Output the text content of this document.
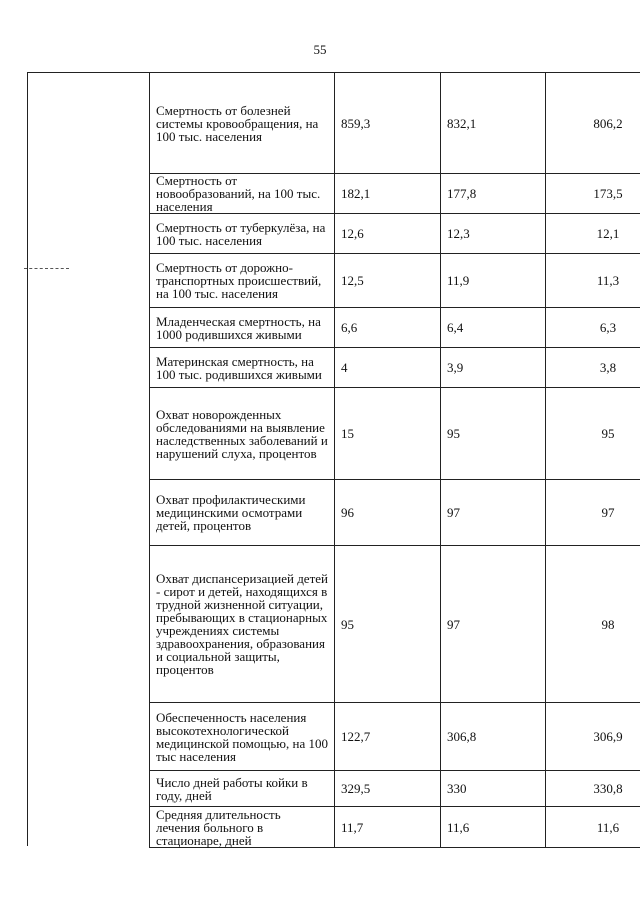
55
Смертность от болезней системы кровообращения, на 100 тыс. населения	859,3	832,1	806,2
Смертность от новообразований, на 100 тыс. населения	182,1	177,8	173,5
Смертность от туберкулёза, на 100 тыс. населения	12,6	12,3	12,1
Смертность от дорожно-транспортных происшествий, на 100 тыс. населения	12,5	11,9	11,3
Младенческая смертность, на 1000 родившихся живыми	6,6	6,4	6,3
Материнская смертность, на 100 тыс. родившихся живыми	4	3,9	3,8
Охват новорожденных обследованиями на выявление наследственных заболеваний и нарушений слуха, процентов	15	95	95
Охват профилактическими медицинскими осмотрами детей, процентов	96	97	97
Охват диспансеризацией детей - сирот и детей, находящихся в трудной жизненной ситуации, пребывающих в стационарных учреждениях системы здравоохранения, образования и социальной защиты, процентов	95	97	98
Обеспеченность населения высокотехнологической медицинской помощью, на 100 тыс населения	122,7	306,8	306,9
Число дней работы койки в году, дней	329,5	330	330,8
Средняя длительность лечения больного в стационаре, дней	11,7	11,6	11,6
